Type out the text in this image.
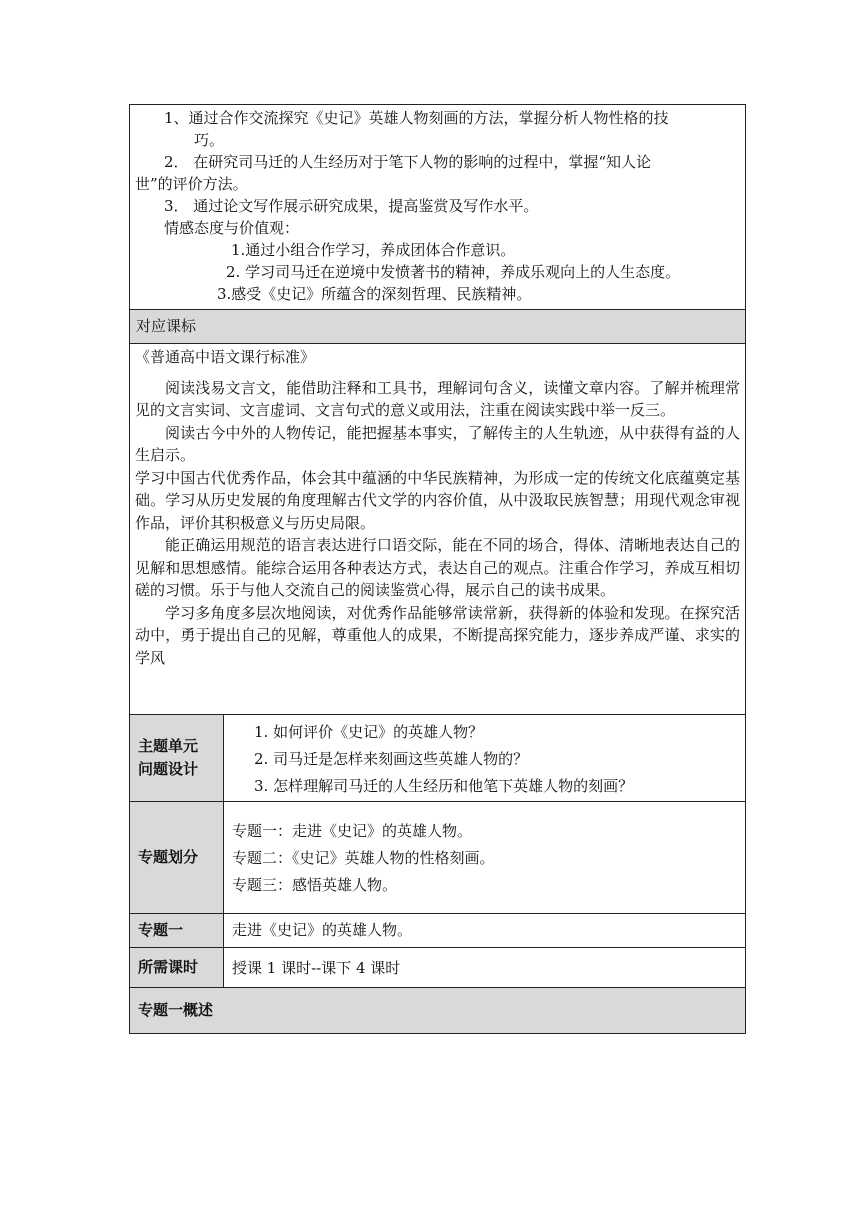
1、通过合作交流探究《史记》英雄人物刻画的方法，掌握分析人物性格的技
巧。
2． 在研究司马迁的人生经历对于笔下人物的影响的过程中，掌握“知人论
世”的评价方法。
3． 通过论文写作展示研究成果，提高鉴赏及写作水平。
情感态度与价值观：
1.通过小组合作学习，养成团体合作意识。
2. 学习司马迁在逆境中发愤著书的精神，养成乐观向上的人生态度。
3.感受《史记》所蕴含的深刻哲理、民族精神。
对应课标

《普通高中语文课行标准》

阅读浅易文言文，能借助注释和工具书，理解词句含义，读懂文章内容。了解并梳理常见的文言实词、文言虚词、文言句式的意义或用法，注重在阅读实践中举一反三。

阅读古今中外的人物传记，能把握基本事实，了解传主的人生轨迹，从中获得有益的人生启示。

学习中国古代优秀作品，体会其中蕴涵的中华民族精神，为形成一定的传统文化底蕴奠定基础。学习从历史发展的角度理解古代文学的内容价值，从中汲取民族智慧；用现代观念审视作品，评价其积极意义与历史局限。

能正确运用规范的语言表达进行口语交际，能在不同的场合，得体、清晰地表达自己的见解和思想感情。能综合运用各种表达方式，表达自己的观点。注重合作学习，养成互相切磋的习惯。乐于与他人交流自己的阅读鉴赏心得，展示自己的读书成果。

学习多角度多层次地阅读，对优秀作品能够常读常新，获得新的体验和发现。在探究活动中，勇于提出自己的见解，尊重他人的成果，不断提高探究能力，逐步养成严谨、求实的学风

主题单元
问题设计
1. 如何评价《史记》的英雄人物？
2. 司马迁是怎样来刻画这些英雄人物的？
3. 怎样理解司马迁的人生经历和他笔下英雄人物的刻画？
专题划分
专题一：走进《史记》的英雄人物。
专题二：《史记》英雄人物的性格刻画。
专题三：感悟英雄人物。
专题一	走进《史记》的英雄人物。
所需课时	授课 1 课时--课下 4 课时
专题一概述
